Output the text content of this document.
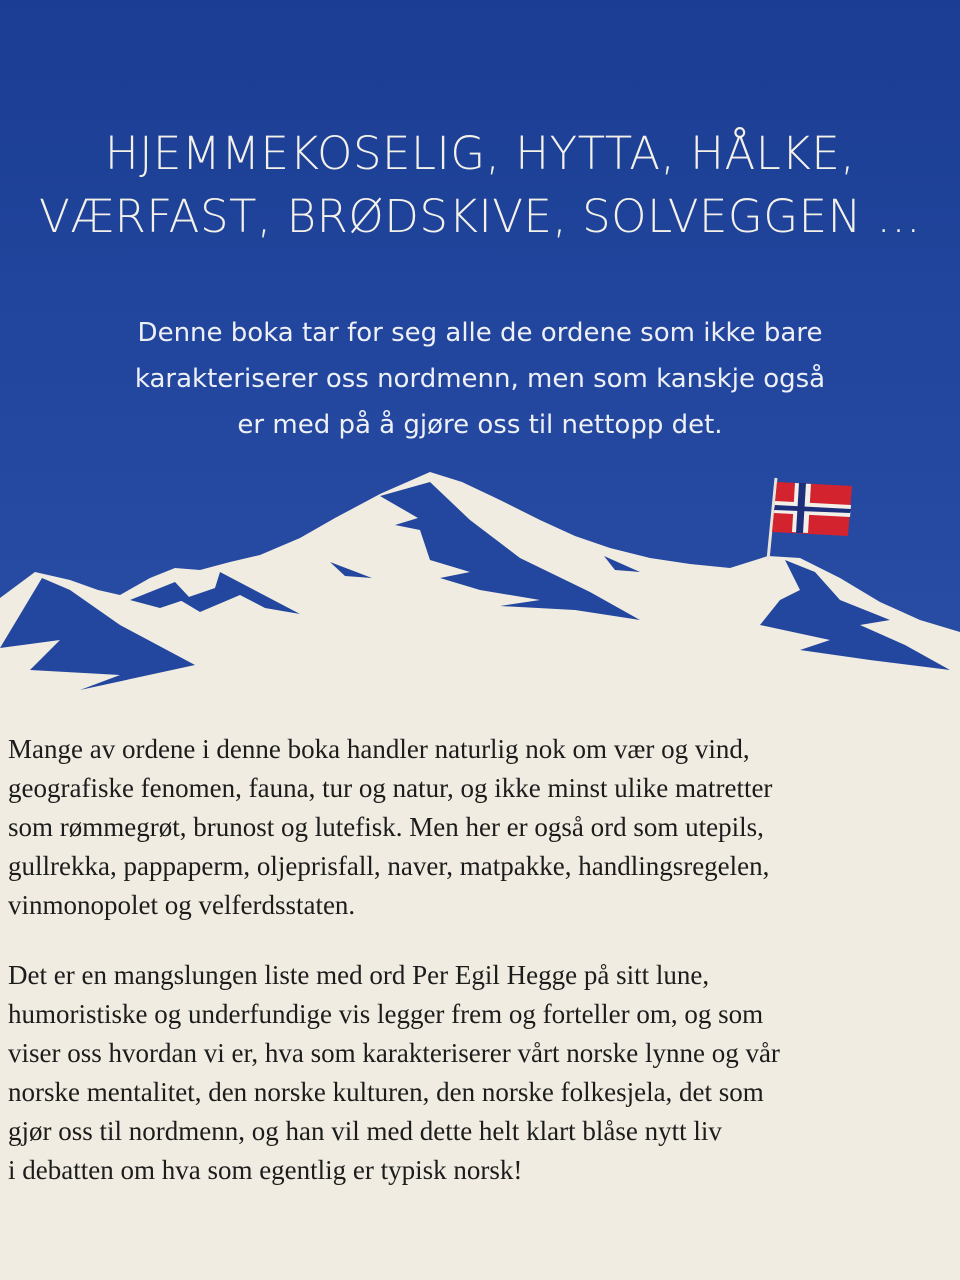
HJEMMEKOSELIG, HYTTA, HÅLKE,
VÆRFAST, BRØDSKIVE, SOLVEGGEN ...
Denne boka tar for seg alle de ordene som ikke bare
karakteriserer oss nordmenn, men som kanskje også
er med på å gjøre oss til nettopp det.
Mange av ordene i denne boka handler naturlig nok om vær og vind,
geografiske fenomen, fauna, tur og natur, og ikke minst ulike matretter
som rømmegrøt, brunost og lutefisk. Men her er også ord som utepils,
gullrekka, pappaperm, oljeprisfall, naver, matpakke, handlingsregelen,
vinmonopolet og velferdsstaten.
Det er en mangslungen liste med ord Per Egil Hegge på sitt lune,
humoristiske og underfundige vis legger frem og forteller om, og som
viser oss hvordan vi er, hva som karakteriserer vårt norske lynne og vår
norske mentalitet, den norske kulturen, den norske folkesjela, det som
gjør oss til nordmenn, og han vil med dette helt klart blåse nytt liv
i debatten om hva som egentlig er typisk norsk!
